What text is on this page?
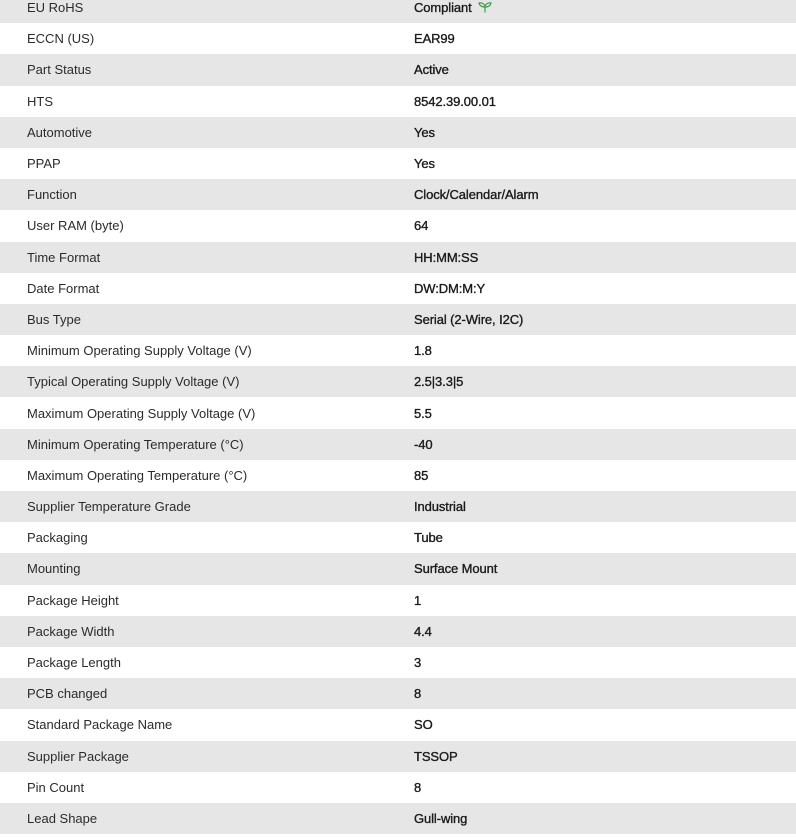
EU RoHS	Compliant
ECCN (US)	EAR99
Part Status	Active
HTS	8542.39.00.01
Automotive	Yes
PPAP	Yes
Function	Clock/Calendar/Alarm
User RAM (byte)	64
Time Format	HH:MM:SS
Date Format	DW:DM:M:Y
Bus Type	Serial (2-Wire, I2C)
Minimum Operating Supply Voltage (V)	1.8
Typical Operating Supply Voltage (V)	2.5|3.3|5
Maximum Operating Supply Voltage (V)	5.5
Minimum Operating Temperature (°C)	-40
Maximum Operating Temperature (°C)	85
Supplier Temperature Grade	Industrial
Packaging	Tube
Mounting	Surface Mount
Package Height	1
Package Width	4.4
Package Length	3
PCB changed	8
Standard Package Name	SO
Supplier Package	TSSOP
Pin Count	8
Lead Shape	Gull-wing
